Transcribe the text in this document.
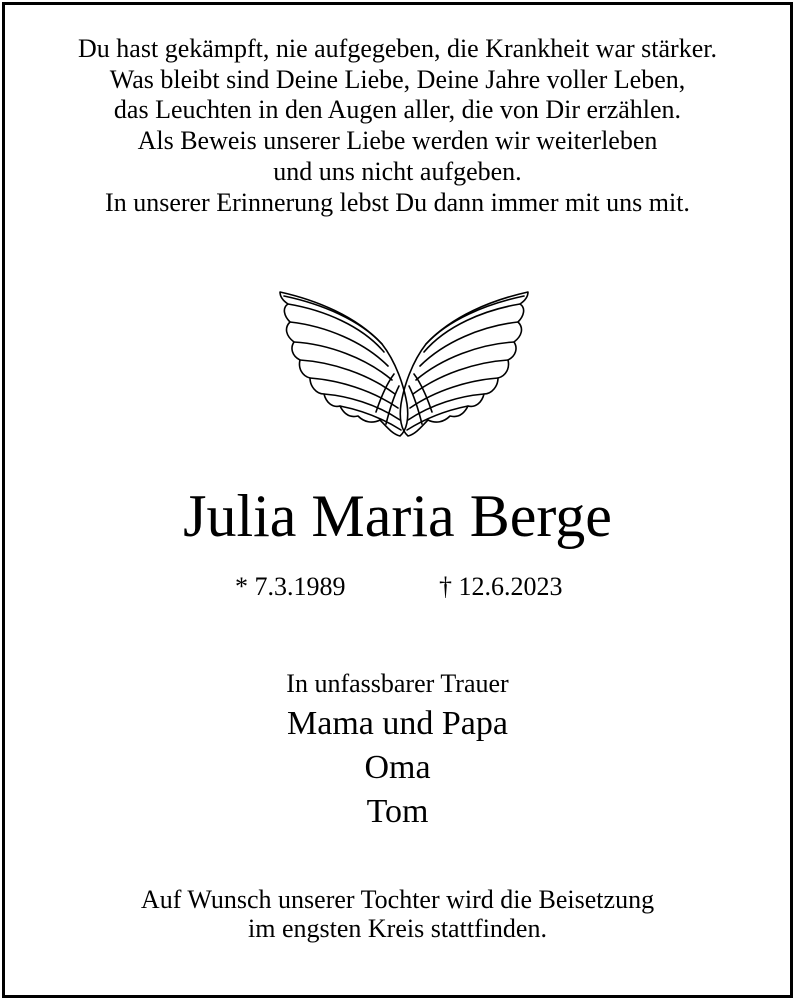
Du hast gekämpft, nie aufgegeben, die Krankheit war stärker.
Was bleibt sind Deine Liebe, Deine Jahre voller Leben,
das Leuchten in den Augen aller, die von Dir erzählen.
Als Beweis unserer Liebe werden wir weiterleben
und uns nicht aufgeben.
In unserer Erinnerung lebst Du dann immer mit uns mit.
Julia Maria Berge
* 7.3.1989	† 12.6.2023
In unfassbarer Trauer
Mama und Papa
Oma
Tom
Auf Wunsch unserer Tochter wird die Beisetzung
im engsten Kreis stattfinden.
